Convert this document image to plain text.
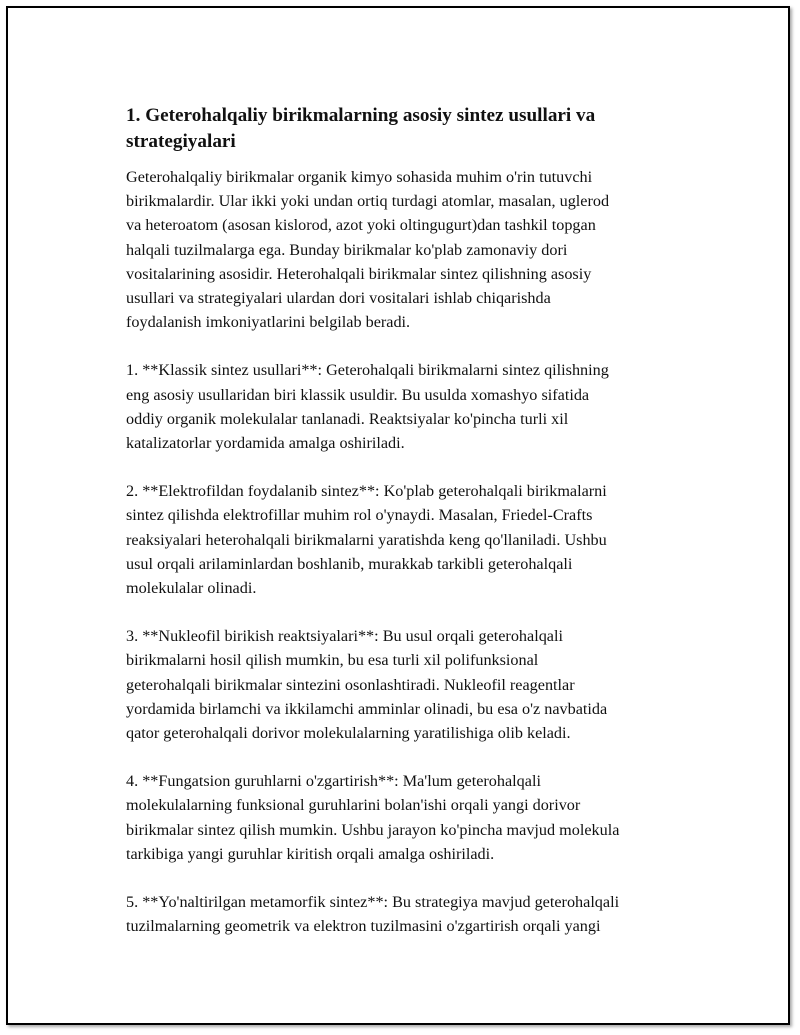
1. Geterohalqaliy birikmalarning asosiy sintez usullari va
strategiyalari
Geterohalqaliy birikmalar organik kimyo sohasida muhim o'rin tutuvchi
birikmalardir. Ular ikki yoki undan ortiq turdagi atomlar, masalan, uglerod
va heteroatom (asosan kislorod, azot yoki oltingugurt)dan tashkil topgan
halqali tuzilmalarga ega. Bunday birikmalar ko'plab zamonaviy dori
vositalarining asosidir. Heterohalqali birikmalar sintez qilishning asosiy
usullari va strategiyalari ulardan dori vositalari ishlab chiqarishda
foydalanish imkoniyatlarini belgilab beradi.
1. **Klassik sintez usullari**: Geterohalqali birikmalarni sintez qilishning
eng asosiy usullaridan biri klassik usuldir. Bu usulda xomashyo sifatida
oddiy organik molekulalar tanlanadi. Reaktsiyalar ko'pincha turli xil
katalizatorlar yordamida amalga oshiriladi.
2. **Elektrofildan foydalanib sintez**: Ko'plab geterohalqali birikmalarni
sintez qilishda elektrofillar muhim rol o'ynaydi. Masalan, Friedel-Crafts
reaksiyalari heterohalqali birikmalarni yaratishda keng qo'llaniladi. Ushbu
usul orqali arilaminlardan boshlanib, murakkab tarkibli geterohalqali
molekulalar olinadi.
3. **Nukleofil birikish reaktsiyalari**: Bu usul orqali geterohalqali
birikmalarni hosil qilish mumkin, bu esa turli xil polifunksional
geterohalqali birikmalar sintezini osonlashtiradi. Nukleofil reagentlar
yordamida birlamchi va ikkilamchi amminlar olinadi, bu esa o'z navbatida
qator geterohalqali dorivor molekulalarning yaratilishiga olib keladi.
4. **Fungatsion guruhlarni o'zgartirish**: Ma'lum geterohalqali
molekulalarning funksional guruhlarini bolan'ishi orqali yangi dorivor
birikmalar sintez qilish mumkin. Ushbu jarayon ko'pincha mavjud molekula
tarkibiga yangi guruhlar kiritish orqali amalga oshiriladi.
5. **Yo'naltirilgan metamorfik sintez**: Bu strategiya mavjud geterohalqali
tuzilmalarning geometrik va elektron tuzilmasini o'zgartirish orqali yangi
